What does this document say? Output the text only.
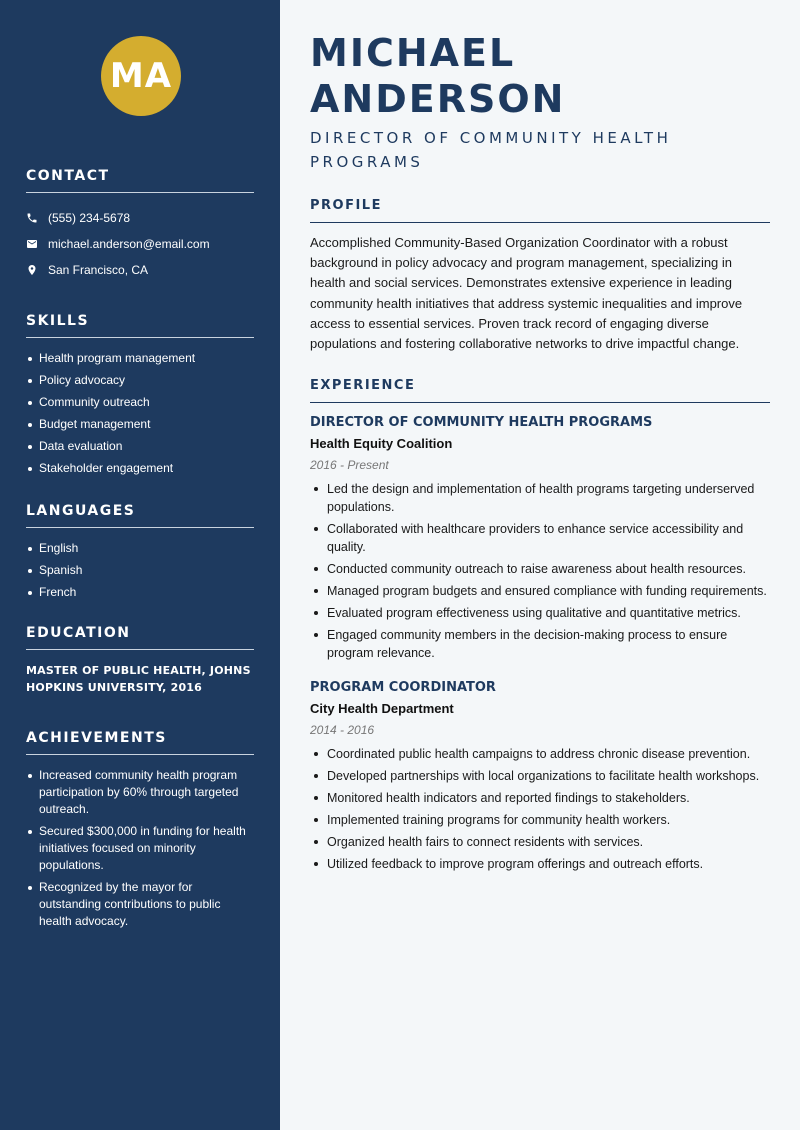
MA
CONTACT
(555) 234-5678
michael.anderson@email.com
San Francisco, CA
SKILLS
Health program management
Policy advocacy
Community outreach
Budget management
Data evaluation
Stakeholder engagement
LANGUAGES
English
Spanish
French
EDUCATION

MASTER OF PUBLIC HEALTH, JOHNS HOPKINS UNIVERSITY, 2016

ACHIEVEMENTS
Increased community health program participation by 60% through targeted outreach.
Secured $300,000 in funding for health initiatives focused on minority populations.
Recognized by the mayor for outstanding contributions to public health advocacy.
MICHAEL ANDERSON
DIRECTOR OF COMMUNITY HEALTH PROGRAMS
PROFILE

Accomplished Community-Based Organization Coordinator with a robust background in policy advocacy and program management, specializing in health and social services. Demonstrates extensive experience in leading community health initiatives that address systemic inequalities and improve access to essential services. Proven track record of engaging diverse populations and fostering collaborative networks to drive impactful change.

EXPERIENCE
DIRECTOR OF COMMUNITY HEALTH PROGRAMS
Health Equity Coalition
2016 - Present
Led the design and implementation of health programs targeting underserved populations.
Collaborated with healthcare providers to enhance service accessibility and quality.
Conducted community outreach to raise awareness about health resources.
Managed program budgets and ensured compliance with funding requirements.
Evaluated program effectiveness using qualitative and quantitative metrics.
Engaged community members in the decision-making process to ensure program relevance.
PROGRAM COORDINATOR
City Health Department
2014 - 2016
Coordinated public health campaigns to address chronic disease prevention.
Developed partnerships with local organizations to facilitate health workshops.
Monitored health indicators and reported findings to stakeholders.
Implemented training programs for community health workers.
Organized health fairs to connect residents with services.
Utilized feedback to improve program offerings and outreach efforts.
